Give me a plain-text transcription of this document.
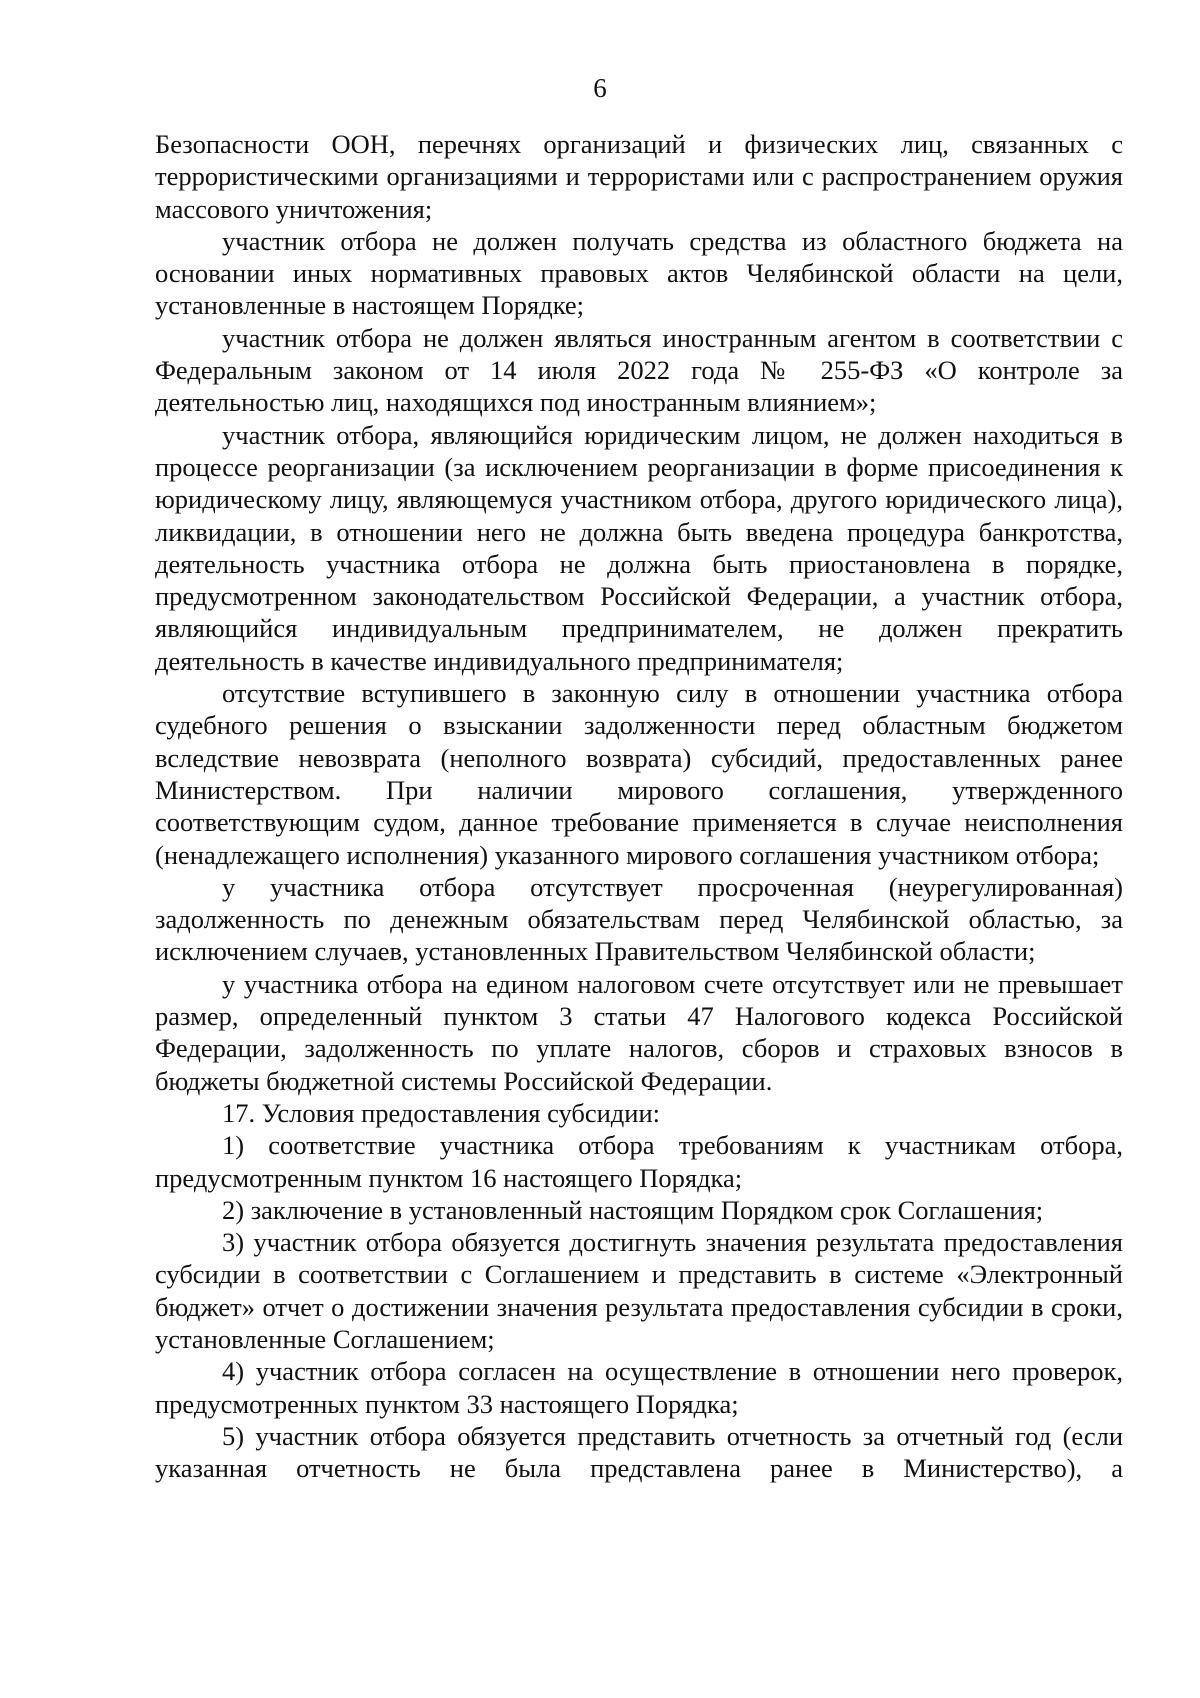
6

Безопасности ООН, перечнях организаций и физических лиц, связанных с террористическими организациями и террористами или с распространением оружия массового уничтожения;

участник отбора не должен получать средства из областного бюджета на основании иных нормативных правовых актов Челябинской области на цели, установленные в настоящем Порядке;

участник отбора не должен являться иностранным агентом в соответствии с Федеральным законом от 14 июля 2022 года № 255-ФЗ «О контроле за деятельностью лиц, находящихся под иностранным влиянием»;

участник отбора, являющийся юридическим лицом, не должен находиться в процессе реорганизации (за исключением реорганизации в форме присоединения к юридическому лицу, являющемуся участником отбора, другого юридического лица), ликвидации, в отношении него не должна быть введена процедура банкротства, деятельность участника отбора не должна быть приостановлена в порядке, предусмотренном законодательством Российской Федерации, а участник отбора, являющийся индивидуальным предпринимателем, не должен прекратить деятельность в качестве индивидуального предпринимателя;

отсутствие вступившего в законную силу в отношении участника отбора судебного решения о взыскании задолженности перед областным бюджетом вследствие невозврата (неполного возврата) субсидий, предоставленных ранее Министерством. При наличии мирового соглашения, утвержденного соответствующим судом, данное требование применяется в случае неисполнения (ненадлежащего исполнения) указанного мирового соглашения участником отбора;

у участника отбора отсутствует просроченная (неурегулированная) задолженность по денежным обязательствам перед Челябинской областью, за исключением случаев, установленных Правительством Челябинской области;

у участника отбора на едином налоговом счете отсутствует или не превышает размер, определенный пунктом 3 статьи 47 Налогового кодекса Российской Федерации, задолженность по уплате налогов, сборов и страховых взносов в бюджеты бюджетной системы Российской Федерации.

17. Условия предоставления субсидии:

1) соответствие участника отбора требованиям к участникам отбора, предусмотренным пунктом 16 настоящего Порядка;

2) заключение в установленный настоящим Порядком срок Соглашения;

3) участник отбора обязуется достигнуть значения результата предоставления субсидии в соответствии с Соглашением и представить в системе «Электронный бюджет» отчет о достижении значения результата предоставления субсидии в сроки, установленные Соглашением;

4) участник отбора согласен на осуществление в отношении него проверок, предусмотренных пунктом 33 настоящего Порядка;

5) участник отбора обязуется представить отчетность за отчетный год (если указанная отчетность не была представлена ранее в Министерство), а
